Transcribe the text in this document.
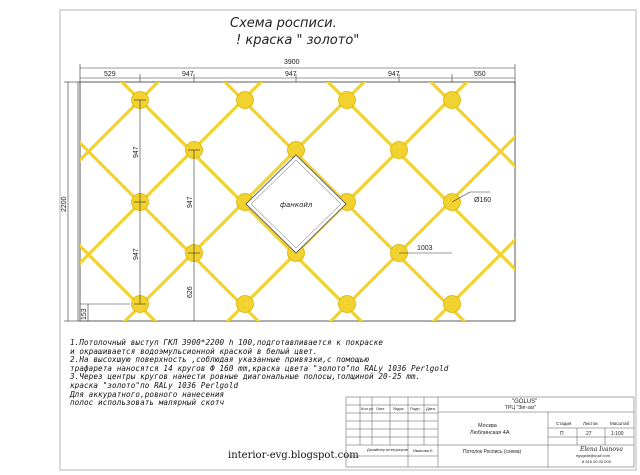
Схема росписи.
! краска " золото"
3900
529	947	947	947	550
2200	фанкойл
947
947
153
947
626
Ø160
1003
Кол.уч Лист №док Подп. Дата
"GOLUS"
ТРЦ "Зиг-заг"
Москва
Люблинская 4А
Потолок Роспись (схема)
Стадия	Листов	Масштаб
П	27	1:100
Дизайнер интерьеров Иванова Е.	Elena Ivanova
egvgold@mail.com
8 916 00 00 000
1.Потолочный выступ ГКЛ 3900*2200 h 100,подготавливается к покраске
и окрашивается водоэмульсионной краской в белый цвет.
2.На высохшую поверхность ,соблюдая указанные привязки,с помощью
трафарета наносятся 14 кругов Ф 160 mm,краска цвета "золото"по RALy 1036 Perlgold
3.Через центры кругов нанести ровные диагональные полосы,толщиной 20-25 mm.
краска "золото"по RALy 1036 Perlgold
Для аккуратного,ровного нанесения
полос использовать малярный скотч
interior-evg.blogspot.com
